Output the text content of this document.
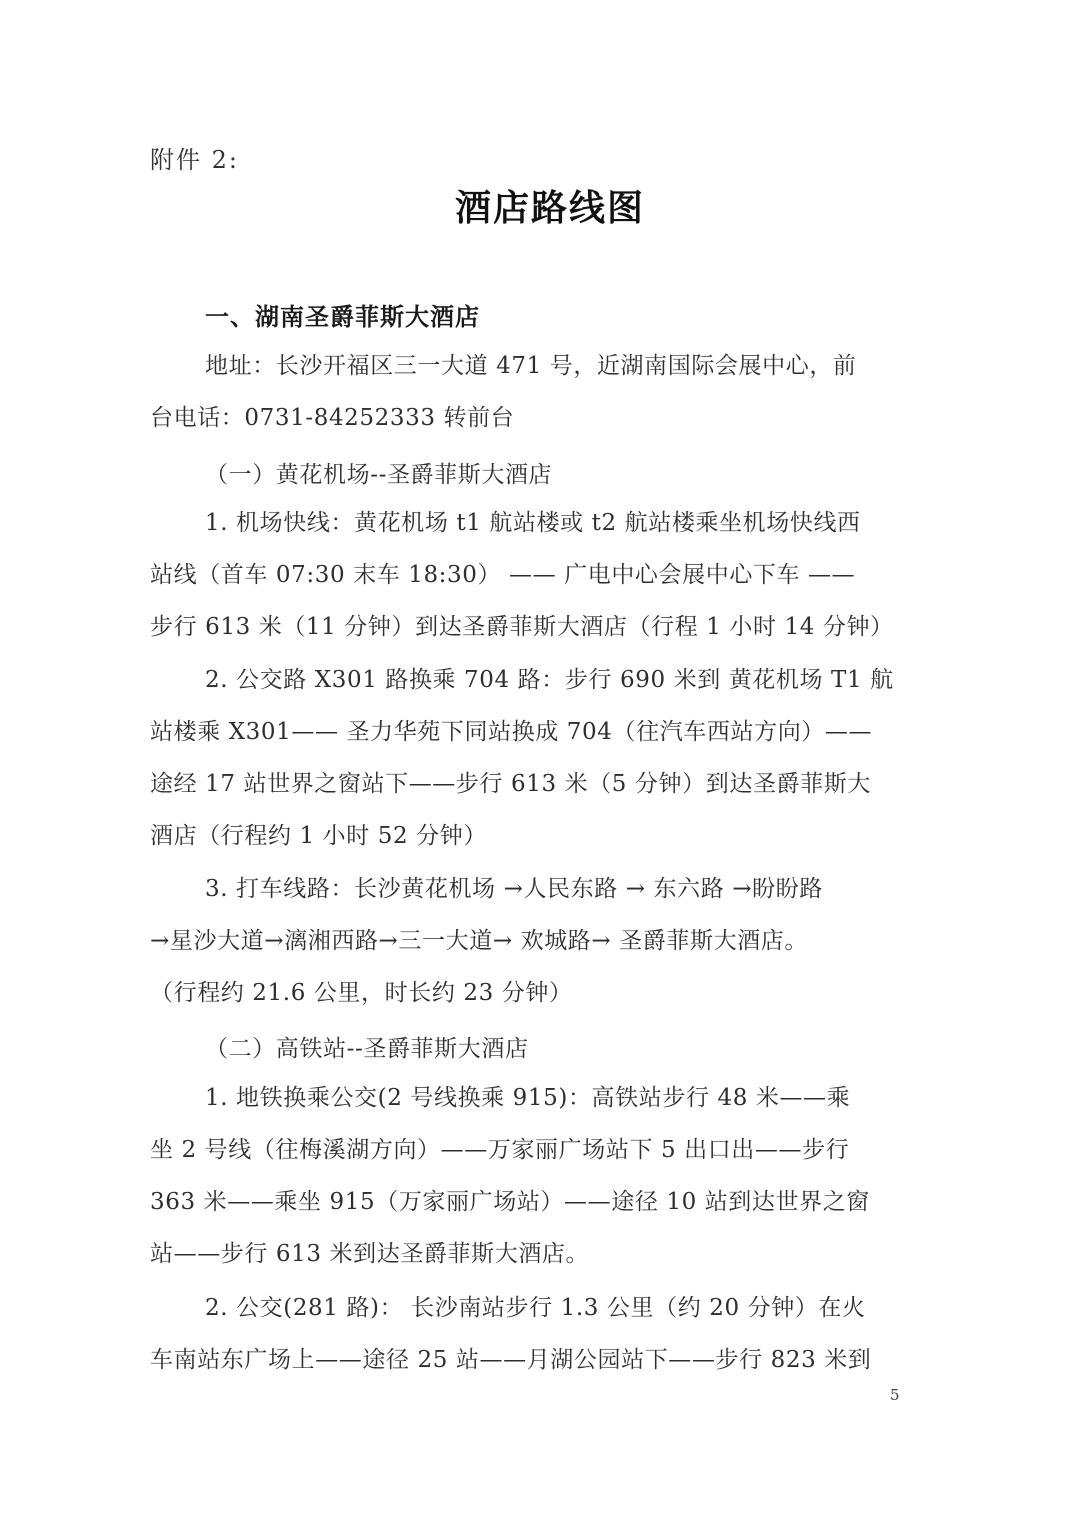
附件 2:
酒店路线图
一、湖南圣爵菲斯大酒店
地址：长沙开福区三一大道 471 号，近湖南国际会展中心，前
台电话：0731-84252333 转前台
（一）黄花机场--圣爵菲斯大酒店
1. 机场快线：黄花机场 t1 航站楼或 t2 航站楼乘坐机场快线西
站线（首车 07:30 末车 18:30） —— 广电中心会展中心下车 ——
步行 613 米（11 分钟）到达圣爵菲斯大酒店（行程 1 小时 14 分钟）
2. 公交路 X301 路换乘 704 路：步行 690 米到 黄花机场 T1 航
站楼乘 X301—— 圣力华苑下同站换成 704（往汽车西站方向）——
途经 17 站世界之窗站下——步行 613 米（5 分钟）到达圣爵菲斯大
酒店（行程约 1 小时 52 分钟）
3. 打车线路：长沙黄花机场 →人民东路 → 东六路 →盼盼路
→星沙大道→漓湘西路→三一大道→ 欢城路→ 圣爵菲斯大酒店。
（行程约 21.6 公里，时长约 23 分钟）
（二）高铁站--圣爵菲斯大酒店
1. 地铁换乘公交(2 号线换乘 915)：高铁站步行 48 米——乘
坐 2 号线（往梅溪湖方向）——万家丽广场站下 5 出口出——步行
363 米——乘坐 915（万家丽广场站）——途径 10 站到达世界之窗
站——步行 613 米到达圣爵菲斯大酒店。
2. 公交(281 路)： 长沙南站步行 1.3 公里（约 20 分钟）在火
车南站东广场上——途径 25 站——月湖公园站下——步行 823 米到
5
